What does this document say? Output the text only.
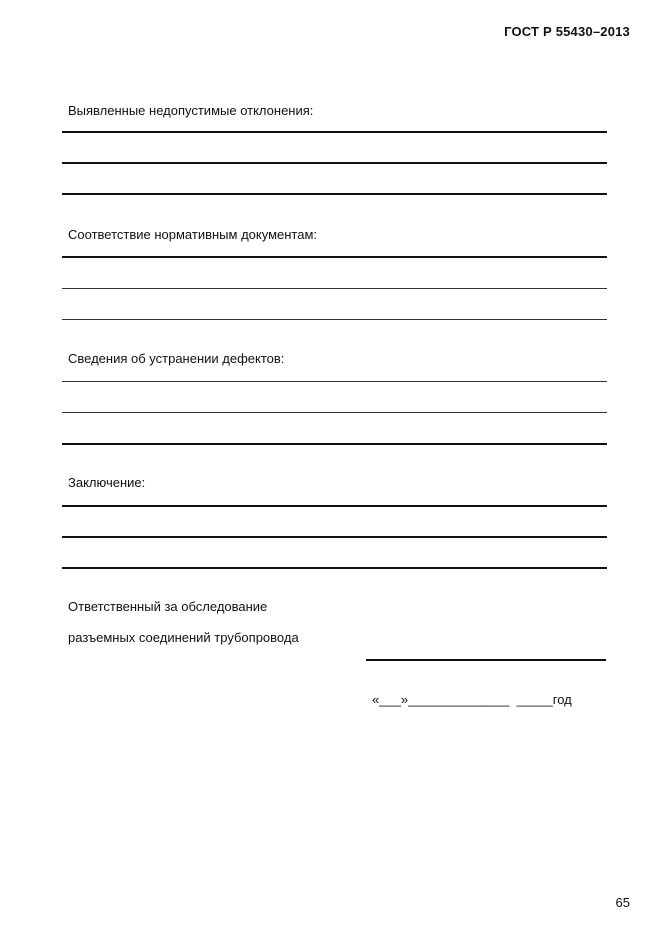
ГОСТ Р 55430–2013
Выявленные недопустимые отклонения:
Соответствие нормативным документам:
Сведения об устранении дефектов:
Заключение:
Ответственный за обследование
разъемных соединений трубопровода
«___»______________  _____год
65
